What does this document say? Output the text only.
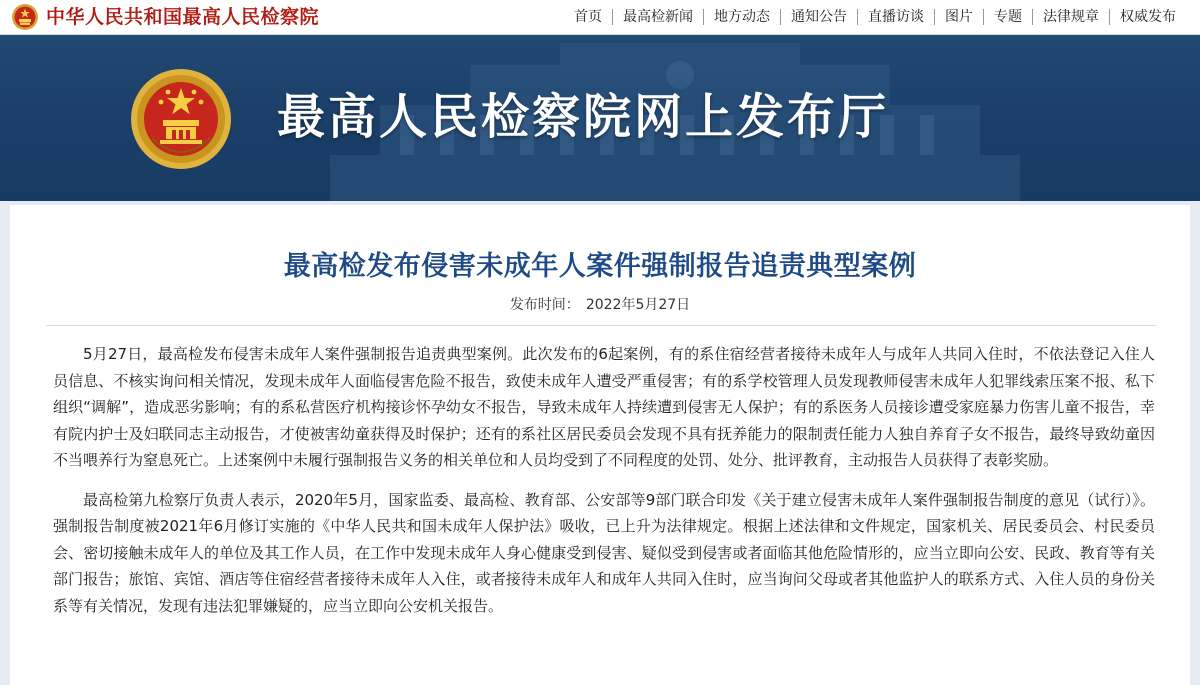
中华人民共和国最高人民检察院	首页	最高检新闻	地方动态	通知公告	直播访谈	图片	专题	法律规章	权威发布
最高人民检察院网上发布厅
最高检发布侵害未成年人案件强制报告追责典型案例
发布时间： 2022年5月27日

5月27日，最高检发布侵害未成年人案件强制报告追责典型案例。此次发布的6起案例，有的系住宿经营者接待未成年人与成年人共同入住时，不依法登记入住人员信息、不核实询问相关情况，发现未成年人面临侵害危险不报告，致使未成年人遭受严重侵害；有的系学校管理人员发现教师侵害未成年人犯罪线索压案不报、私下组织“调解”，造成恶劣影响；有的系私营医疗机构接诊怀孕幼女不报告，导致未成年人持续遭到侵害无人保护；有的系医务人员接诊遭受家庭暴力伤害儿童不报告，幸有院内护士及妇联同志主动报告，才使被害幼童获得及时保护；还有的系社区居民委员会发现不具有抚养能力的限制责任能力人独自养育子女不报告，最终导致幼童因不当喂养行为窒息死亡。上述案例中未履行强制报告义务的相关单位和人员均受到了不同程度的处罚、处分、批评教育，主动报告人员获得了表彰奖励。

最高检第九检察厅负责人表示，2020年5月，国家监委、最高检、教育部、公安部等9部门联合印发《关于建立侵害未成年人案件强制报告制度的意见（试行）》。强制报告制度被2021年6月修订实施的《中华人民共和国未成年人保护法》吸收，已上升为法律规定。根据上述法律和文件规定，国家机关、居民委员会、村民委员会、密切接触未成年人的单位及其工作人员，在工作中发现未成年人身心健康受到侵害、疑似受到侵害或者面临其他危险情形的，应当立即向公安、民政、教育等有关部门报告；旅馆、宾馆、酒店等住宿经营者接待未成年人入住，或者接待未成年人和成年人共同入住时，应当询问父母或者其他监护人的联系方式、入住人员的身份关系等有关情况，发现有违法犯罪嫌疑的，应当立即向公安机关报告。
